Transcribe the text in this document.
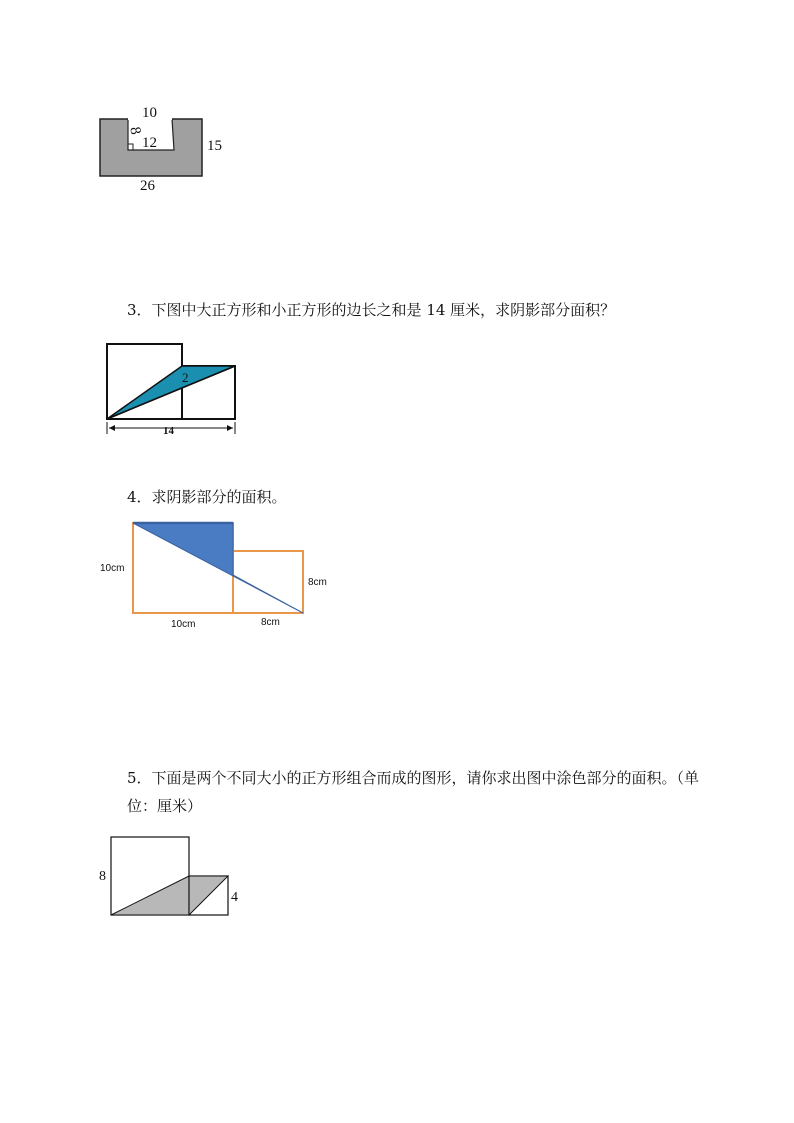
10
8
12	15
26

3．下图中大正方形和小正方形的边长之和是 14 厘米，求阴影部分面积？

2
14

4．求阴影部分的面积。

10cm
10cm	8cm
8cm

5．下面是两个不同大小的正方形组合而成的图形，请你求出图中涂色部分的面积。（单位：厘米）

8
4
